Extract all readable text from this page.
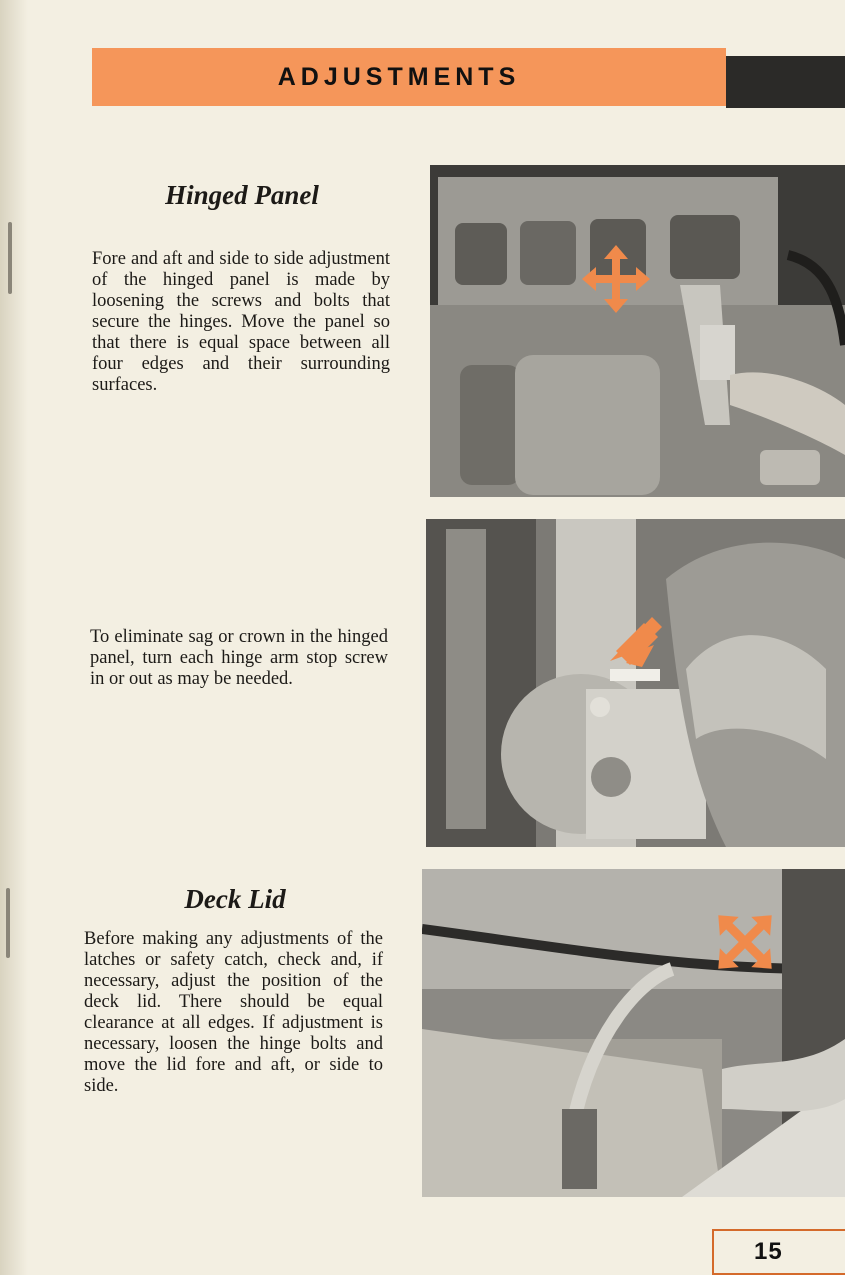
ADJUSTMENTS
Hinged Panel
Fore and aft and side to side adjustment of the hinged panel is made by loosening the screws and bolts that secure the hinges. Move the panel so that there is equal space between all four edges and their surrounding surfaces.
To eliminate sag or crown in the hinged panel, turn each hinge arm stop screw in or out as may be needed.
Deck Lid
Before making any adjustments of the latches or safety catch, check and, if necessary, adjust the position of the deck lid. There should be equal clearance at all edges. If adjustment is necessary, loosen the hinge bolts and move the lid fore and aft, or side to side.
15
